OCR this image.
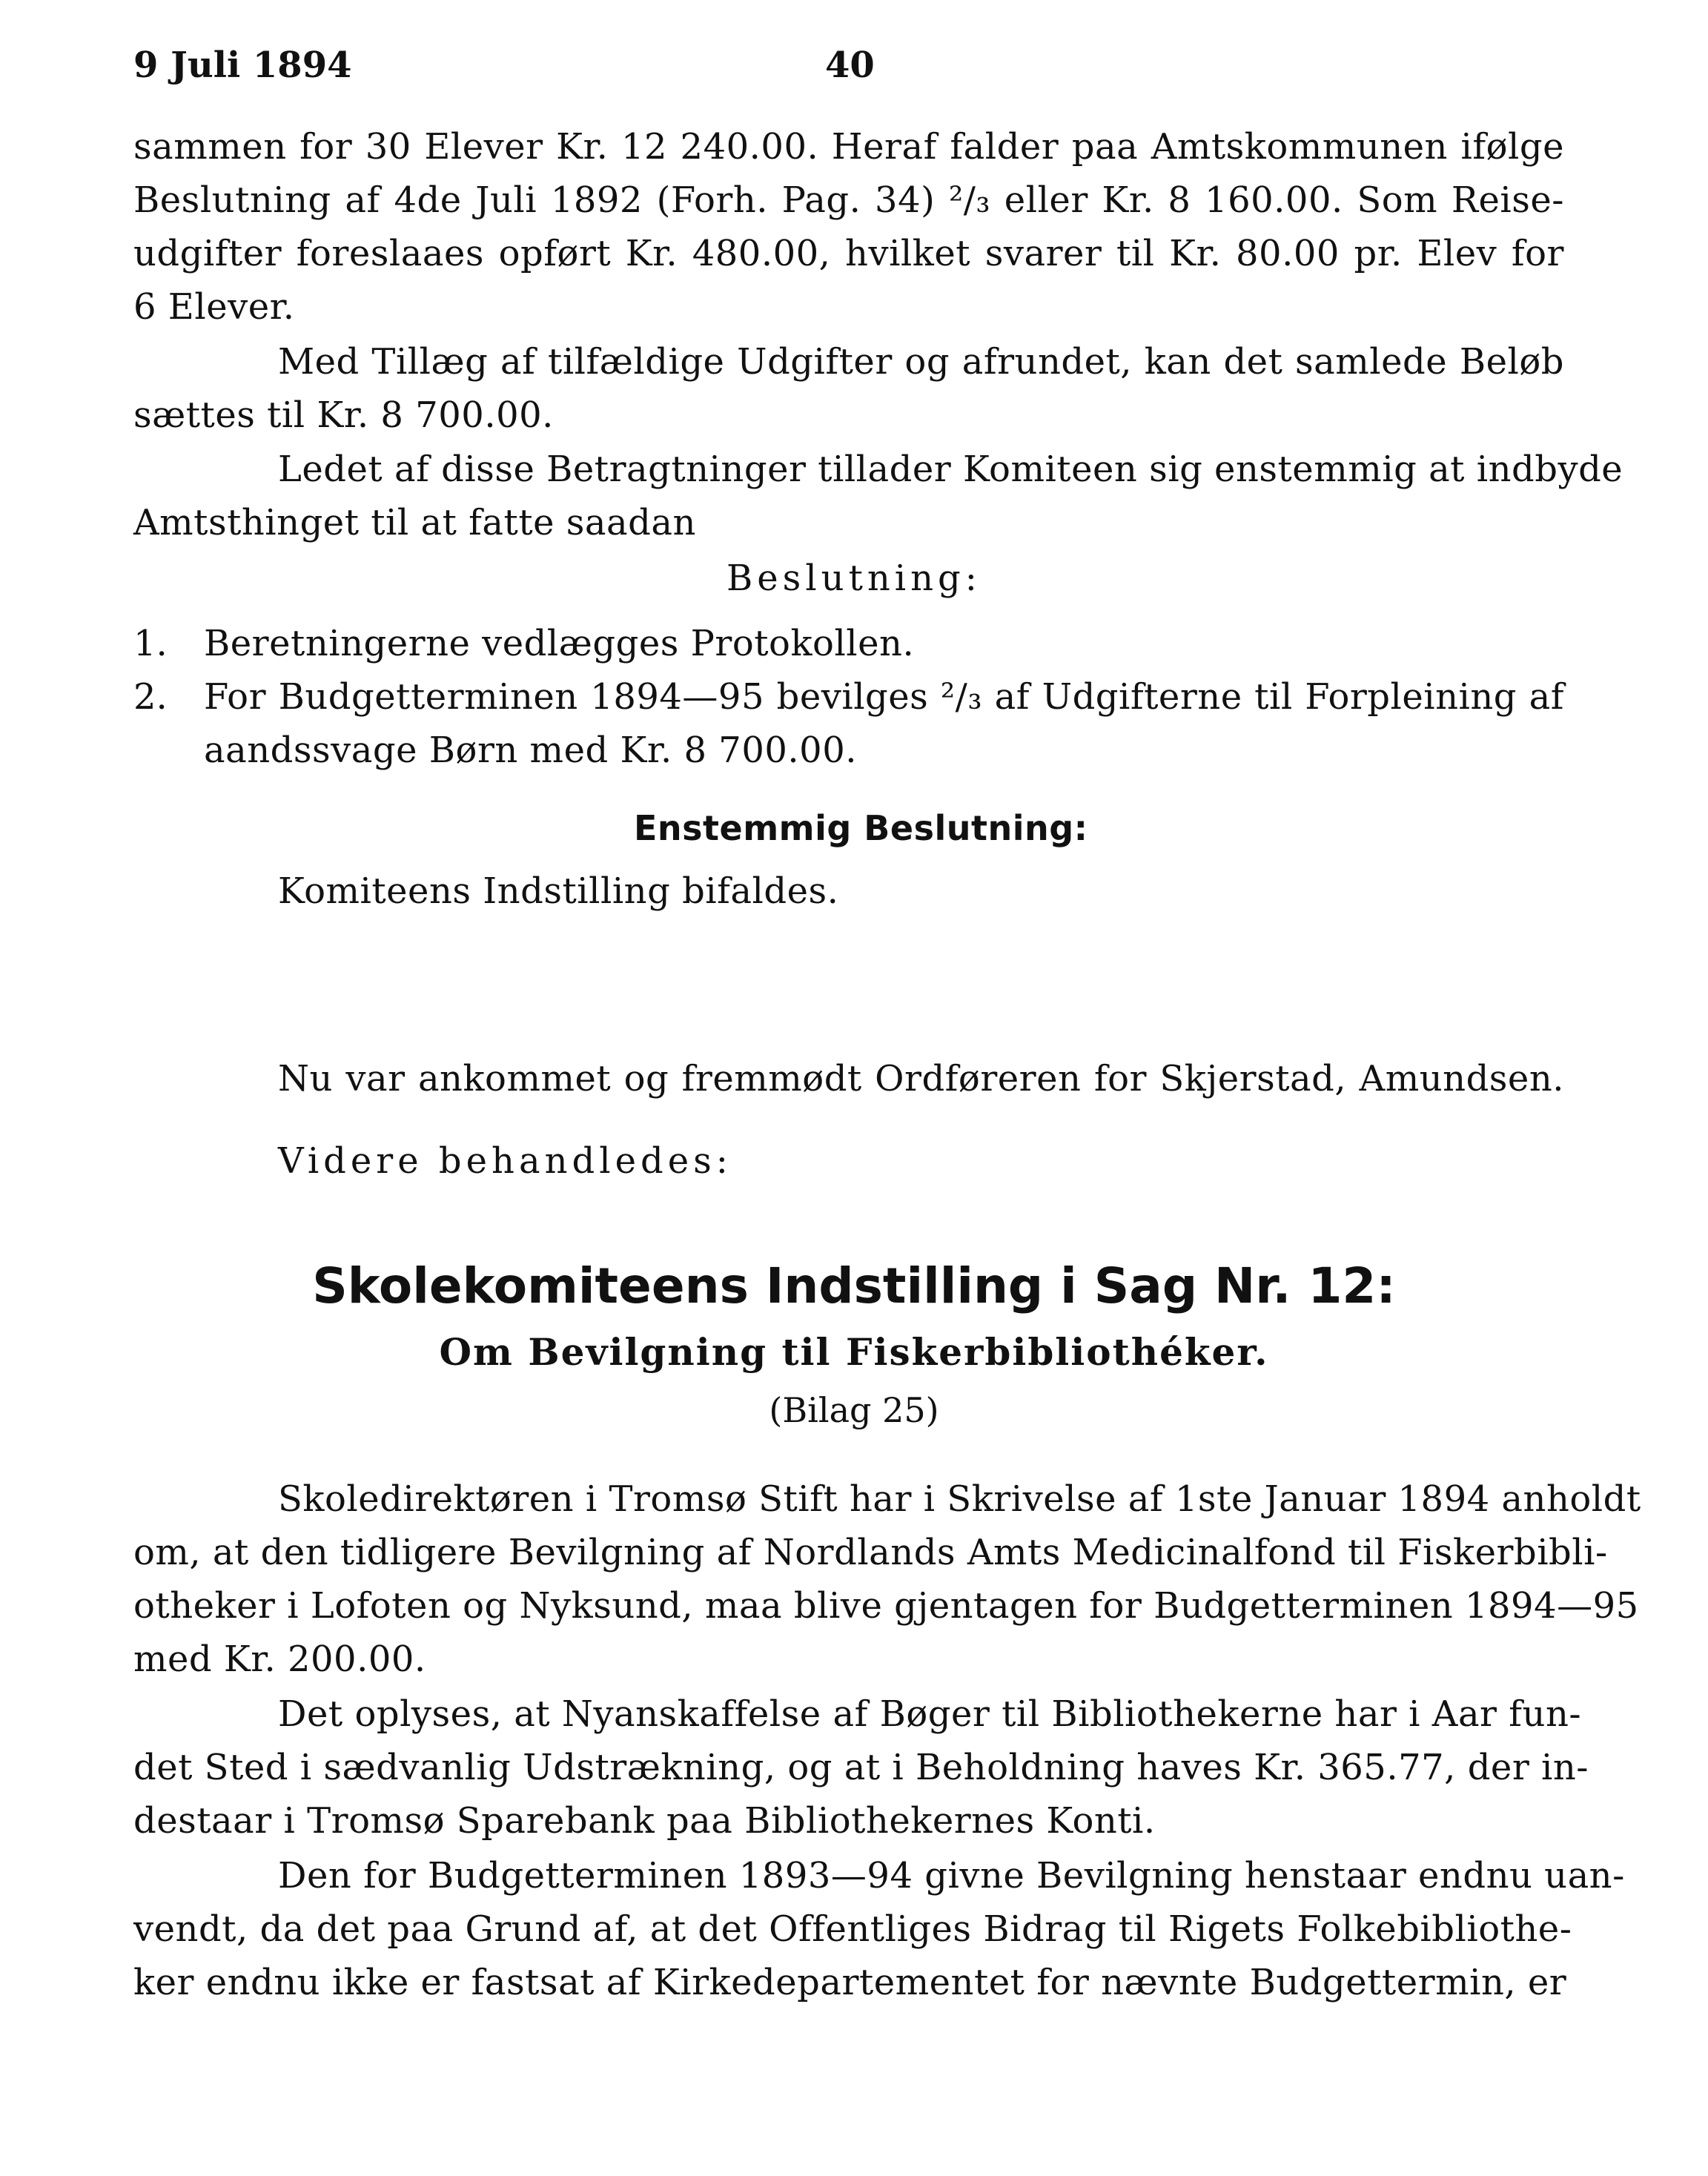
9 Juli 1894	40
sammen for 30 Elever Kr. 12 240.00. Heraf falder paa Amtskommunen ifølge
Beslutning af 4de Juli 1892 (Forh. Pag. 34) ²/₃ eller Kr. 8 160.00. Som Reise-
udgifter foreslaaes opført Kr. 480.00, hvilket svarer til Kr. 80.00 pr. Elev for
6 Elever.
Med Tillæg af tilfældige Udgifter og afrundet, kan det samlede Beløb
sættes til Kr. 8 700.00.
Ledet af disse Betragtninger tillader Komiteen sig enstemmig at indbyde
Amtsthinget til at fatte saadan
Beslutning:
1. Beretningerne vedlægges Protokollen.
2. For Budgetterminen 1894—95 bevilges ²/₃ af Udgifterne til Forpleining af
aandssvage Børn med Kr. 8 700.00.
Enstemmig Beslutning:
Komiteens Indstilling bifaldes.
Nu var ankommet og fremmødt Ordføreren for Skjerstad, Amundsen.
Videre behandledes:
Skolekomiteens Indstilling i Sag Nr. 12:
Om Bevilgning til Fiskerbibliothéker.
(Bilag 25)
Skoledirektøren i Tromsø Stift har i Skrivelse af 1ste Januar 1894 anholdt
om, at den tidligere Bevilgning af Nordlands Amts Medicinalfond til Fiskerbibli-
otheker i Lofoten og Nyksund, maa blive gjentagen for Budgetterminen 1894—95
med Kr. 200.00.
Det oplyses, at Nyanskaffelse af Bøger til Bibliothekerne har i Aar fun-
det Sted i sædvanlig Udstrækning, og at i Beholdning haves Kr. 365.77, der in-
destaar i Tromsø Sparebank paa Bibliothekernes Konti.
Den for Budgetterminen 1893—94 givne Bevilgning henstaar endnu uan-
vendt, da det paa Grund af, at det Offentliges Bidrag til Rigets Folkebibliothe-
ker endnu ikke er fastsat af Kirkedepartementet for nævnte Budgettermin, er
